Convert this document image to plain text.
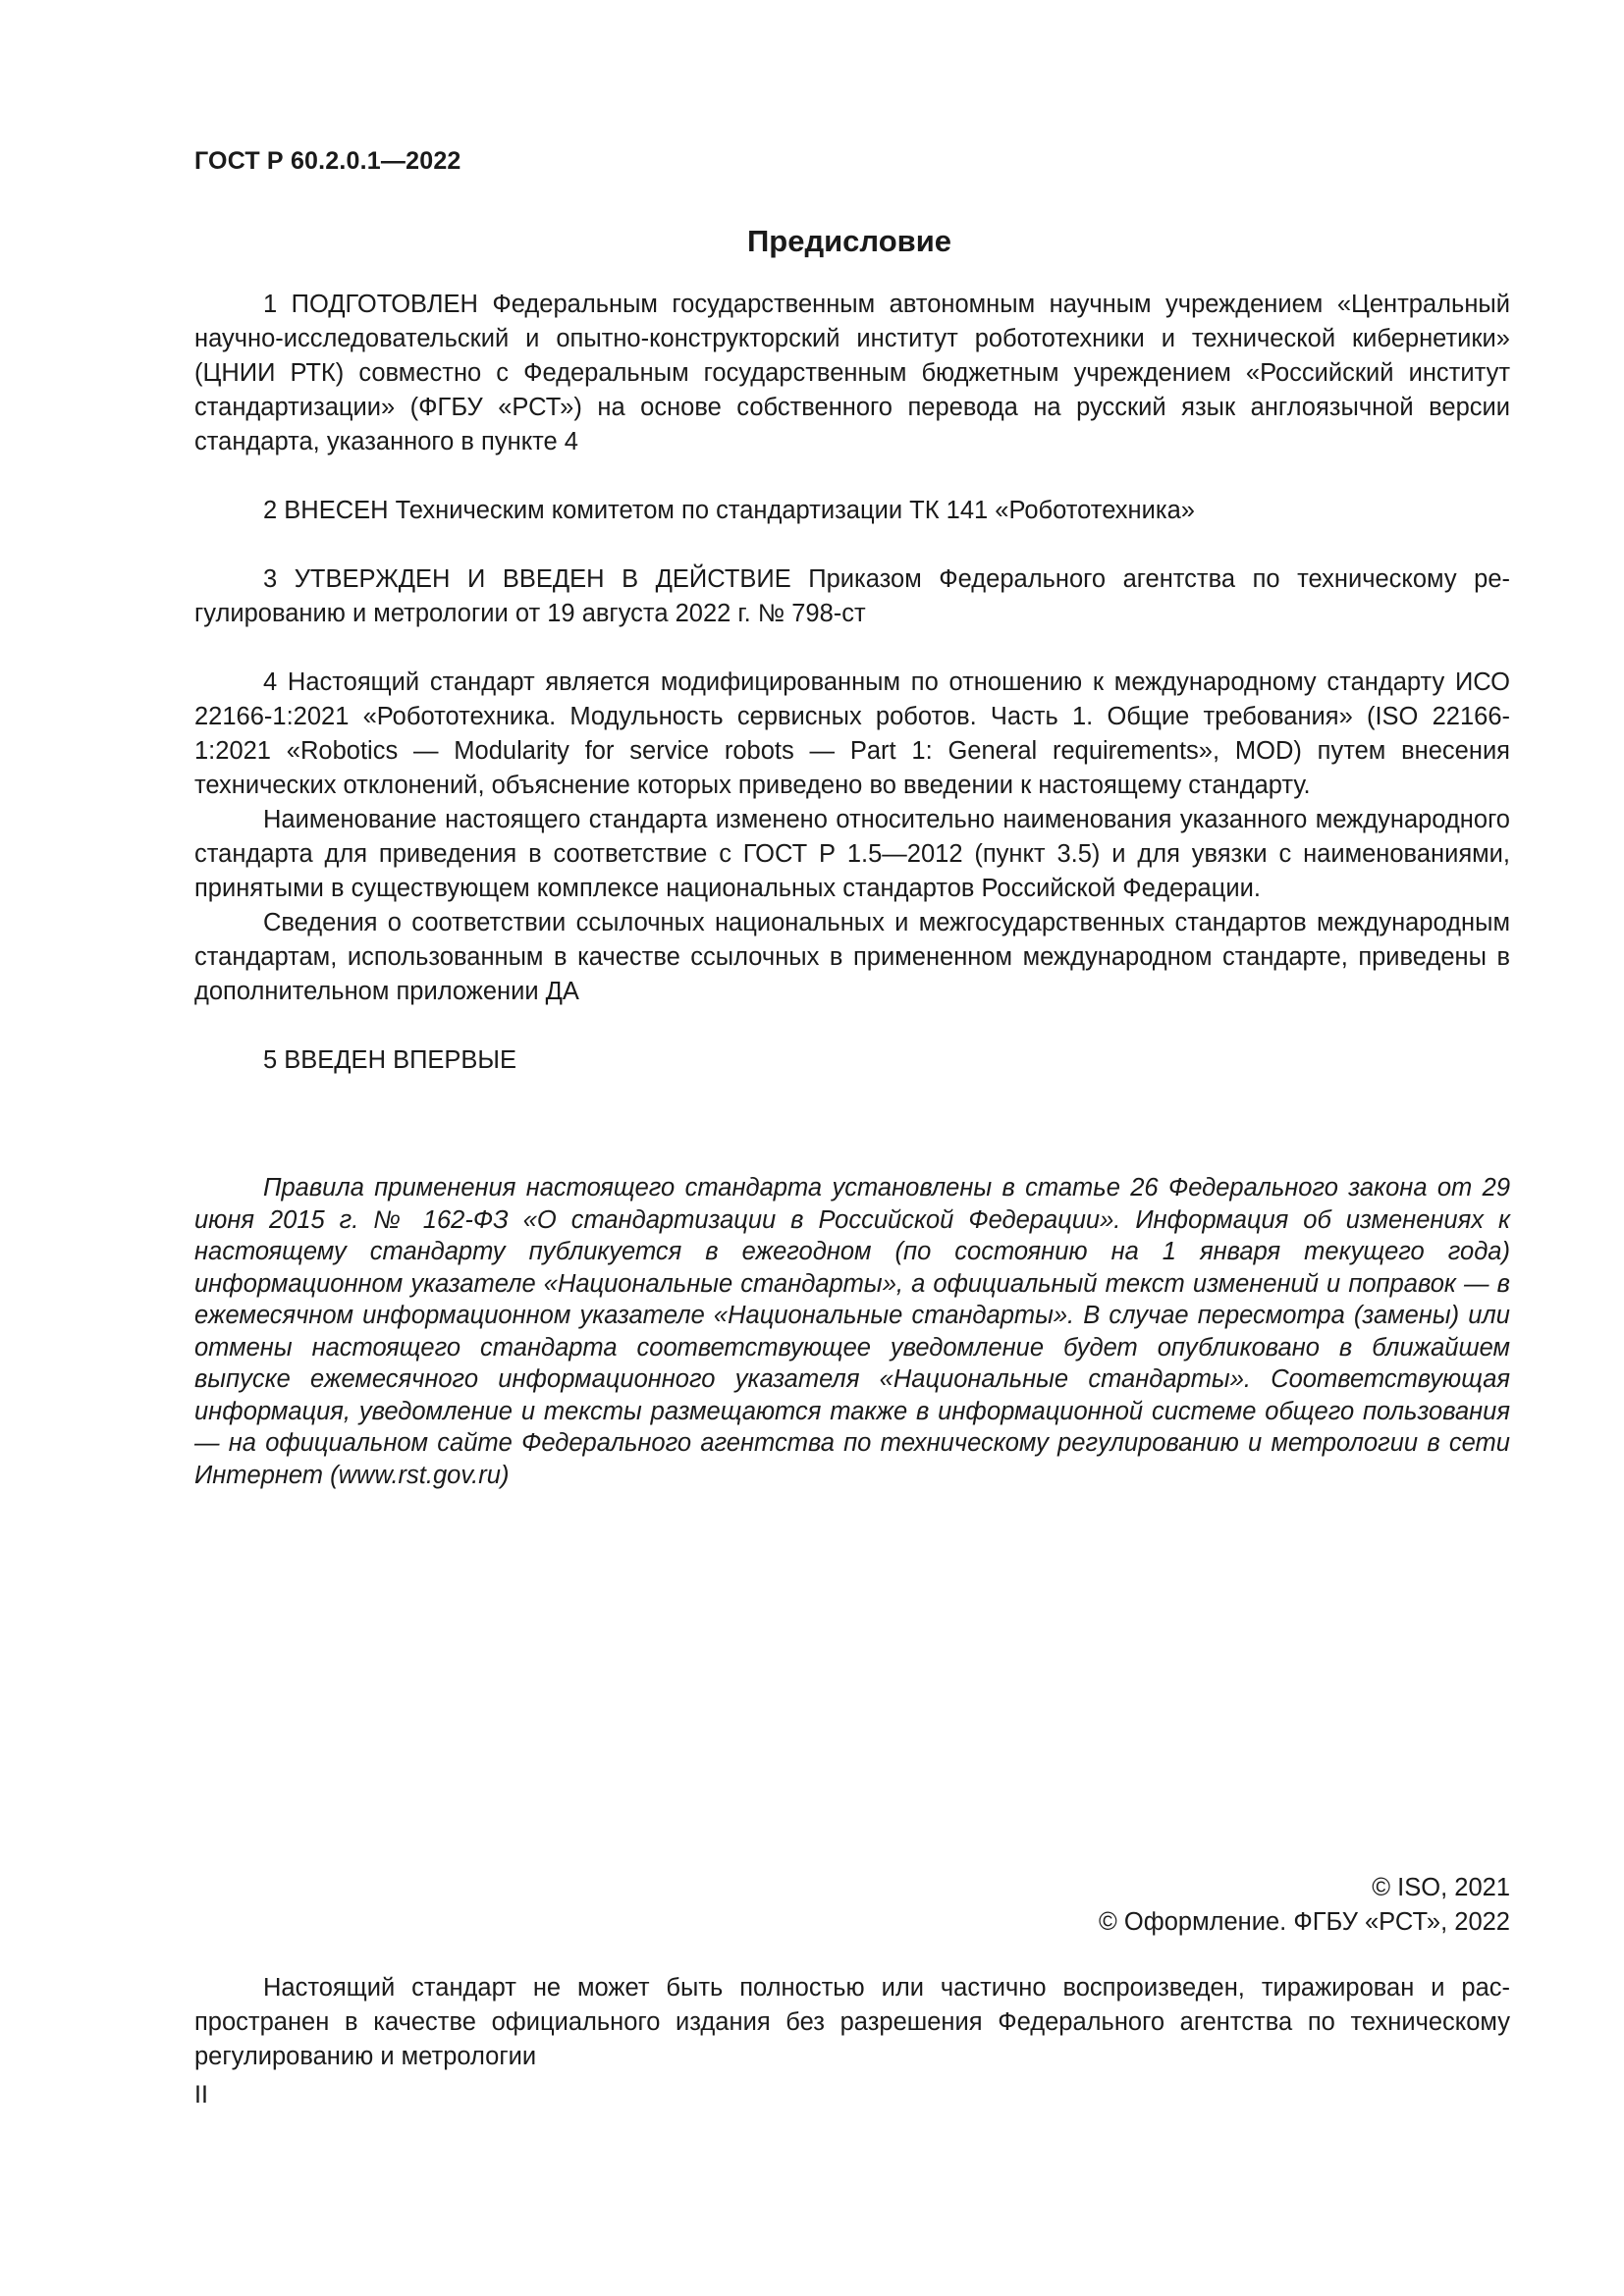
ГОСТ Р 60.2.0.1—2022
Предисловие

1 ПОДГОТОВЛЕН Федеральным государственным автономным научным учреждением «Центральный научно-исследовательский и опытно-конструкторский институт робототехники и технической кибернетики» (ЦНИИ РТК) совместно с Федеральным государственным бюджетным учреждением «Российский институт стандартизации» (ФГБУ «РСТ») на основе собственного перевода на русский язык англоязычной версии стандарта, указанного в пункте 4

2 ВНЕСЕН Техническим комитетом по стандартизации ТК 141 «Робототехника»

3 УТВЕРЖДЕН И ВВЕДЕН В ДЕЙСТВИЕ Приказом Федерального агентства по техническому регулированию и метрологии от 19 августа 2022 г. № 798-ст

4 Настоящий стандарт является модифицированным по отношению к международному стандарту ИСО 22166-1:2021 «Робототехника. Модульность сервисных роботов. Часть 1. Общие требования» (ISO 22166-1:2021 «Robotics — Modularity for service robots — Part 1: General requirements», MOD) путем внесения технических отклонений, объяснение которых приведено во введении к настоящему стандарту.

Наименование настоящего стандарта изменено относительно наименования указанного международного стандарта для приведения в соответствие с ГОСТ Р 1.5—2012 (пункт 3.5) и для увязки с наименованиями, принятыми в существующем комплексе национальных стандартов Российской Федерации.

Сведения о соответствии ссылочных национальных и межгосударственных стандартов международным стандартам, использованным в качестве ссылочных в примененном международном стандарте, приведены в дополнительном приложении ДА

5 ВВЕДЕН ВПЕРВЫЕ

Правила применения настоящего стандарта установлены в статье 26 Федерального закона от 29 июня 2015 г. № 162-ФЗ «О стандартизации в Российской Федерации». Информация об изменениях к настоящему стандарту публикуется в ежегодном (по состоянию на 1 января текущего года) информационном указателе «Национальные стандарты», а официальный текст изменений и поправок — в ежемесячном информационном указателе «Национальные стандарты». В случае пересмотра (замены) или отмены настоящего стандарта соответствующее уведомление будет опубликовано в ближайшем выпуске ежемесячного информационного указателя «Национальные стандарты». Соответствующая информация, уведомление и тексты размещаются также в информационной системе общего пользования — на официальном сайте Федерального агентства по техническому регулированию и метрологии в сети Интернет (www.rst.gov.ru)

© ISO, 2021
© Оформление. ФГБУ «РСТ», 2022

Настоящий стандарт не может быть полностью или частично воспроизведен, тиражирован и распространен в качестве официального издания без разрешения Федерального агентства по техническому регулированию и метрологии

II
